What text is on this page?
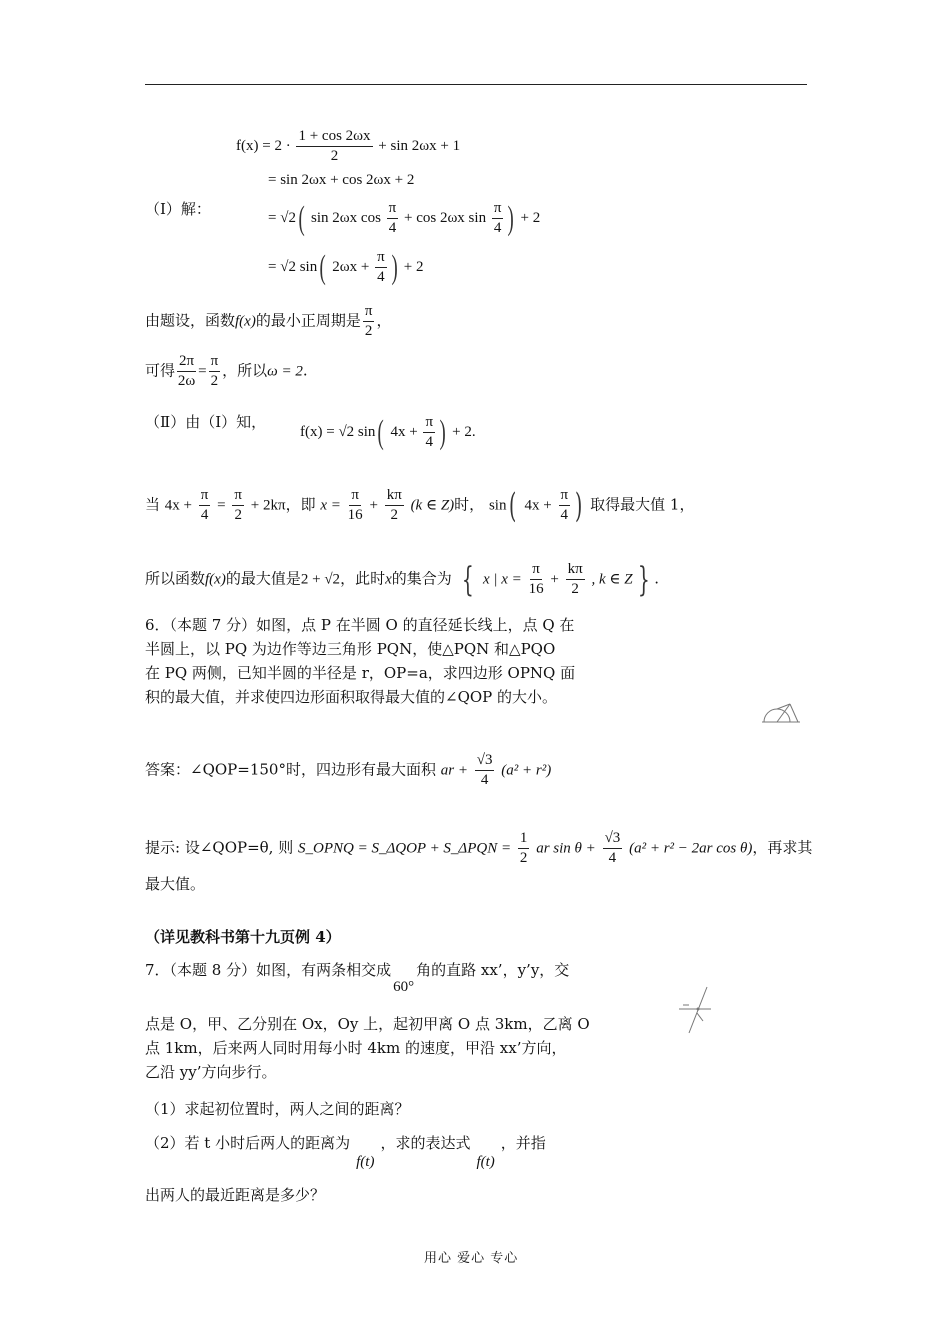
（Ⅰ）解：
$f(x) = 2 \cdot \frac{1 + \cos 2\omega x}{2} + \sin 2\omega x + 1$
= sin 2ωx + cos 2ωx + 2
= √2( sin 2ωx $\cos \frac{\pi}{4} + \cos 2\omega x$ $\sin \frac{\pi}{4}$ ) + 2
= √2 sin( $2\omega x + \frac{\pi}{4}$ ) + 2
由题设，函数f(x)的最小正周期是 $\frac{\pi}{2}$ ，
可得 $\frac{2\pi}{2\omega} = \frac{\pi}{2}$ ，所以ω = 2.
（Ⅱ）由（Ⅰ）知，
f(x) = √2 sin( $4x + \frac{\pi}{4}$ ) + 2.
当 $4x + \frac{\pi}{4} = \frac{\pi}{2} + 2k\pi$，即 $x = \frac{\pi}{16} + \frac{k\pi}{2} (k$ ∈ Z)时， sin( $4x + \frac{\pi}{4}$ ) 取得最大值 1，
所以函数f(x)的最大值是2 + √2，此时x的集合为 { x | $x = \frac{\pi}{16} + \frac{k\pi}{2}$ , k ∈ Z } .
6．（本题 7 分）如图，点 P 在半圆 O 的直径延长线上，点 Q 在
半圆上，以 PQ 为边作等边三角形 PQN，使△PQN 和△PQO
在 PQ 两侧，已知半圆的半径是 r，OP=a，求四边形 OPNQ 面
积的最大值，并求使四边形面积取得最大值的∠QOP 的大小。
答案：∠QOP=150°时，四边形有最大面积 ar + $\frac{√3}{4} (a^2 + r^2)$
提示: 设∠QOP=θ, 则 S_OPNQ = S_ΔQOP + S_ΔPQN = $\frac{1}{2}$ ar $\sin \theta + \frac{√3}{4} (a^2 + r^2 - 2ar$ cos θ)，再求其
最大值。
（详见教科书第十九页例 4）
7．（本题 8 分）如图，有两条相交成60°角的直路 xx’，y’y，交
点是 O，甲、乙分别在 Ox，Oy 上，起初甲离 O 点 3km，乙离 O
点 1km，后来两人同时用每小时 4km 的速度，甲沿 xx’方向，
乙沿 yy’方向步行。
（1）求起初位置时，两人之间的距离？
（2）若 t 小时后两人的距离为f(t)，求的表达式f(t)，并指
出两人的最近距离是多少？
用心 爱心 专心
